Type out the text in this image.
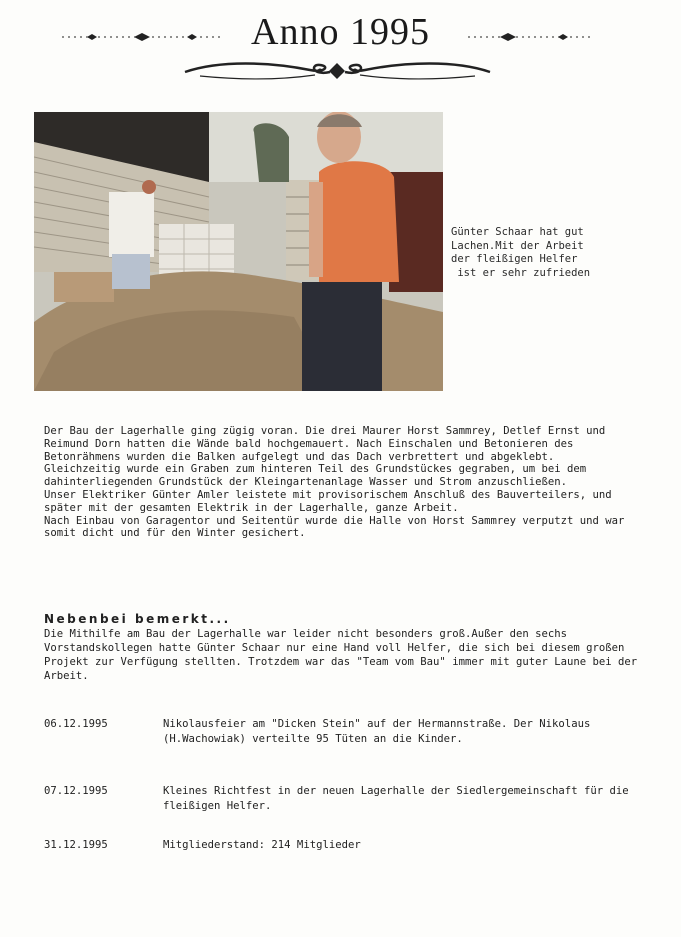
Anno 1995
Günter Schaar hat gut
Lachen.Mit der Arbeit
der fleißigen Helfer
ist er sehr zufrieden

Der Bau der Lagerhalle ging zügig voran. Die drei Maurer Horst Sammrey, Detlef Ernst und Reimund Dorn hatten die Wände bald hochgemauert. Nach Einschalen und Betonieren des Betonrähmens wurden die Balken aufgelegt und das Dach verbrettert und abgeklebt.

Gleichzeitig wurde ein Graben zum hinteren Teil des Grundstückes gegraben, um bei dem dahinterliegenden Grundstück der Kleingartenanlage Wasser und Strom anzuschließen.

Unser Elektriker Günter Amler leistete mit provisorischem Anschluß des Bauverteilers, und später mit der gesamten Elektrik in der Lagerhalle, ganze Arbeit.

Nach Einbau von Garagentor und Seitentür wurde die Halle von Horst Sammrey verputzt und war somit dicht und für den Winter gesichert.

Nebenbei bemerkt...
Die Mithilfe am Bau der Lagerhalle war leider nicht besonders groß.Außer den sechs Vorstandskollegen hatte Günter Schaar nur eine Hand voll Helfer, die sich bei diesem großen Projekt zur Verfügung stellten. Trotzdem war das "Team vom Bau" immer mit guter Laune bei der Arbeit.
06.12.1995	Nikolausfeier am "Dicken Stein" auf der Hermannstraße. Der Nikolaus (H.Wachowiak) verteilte 95 Tüten an die Kinder.
07.12.1995	Kleines Richtfest in der neuen Lagerhalle der Siedlergemeinschaft für die fleißigen Helfer.
31.12.1995	Mitgliederstand: 214 Mitglieder
